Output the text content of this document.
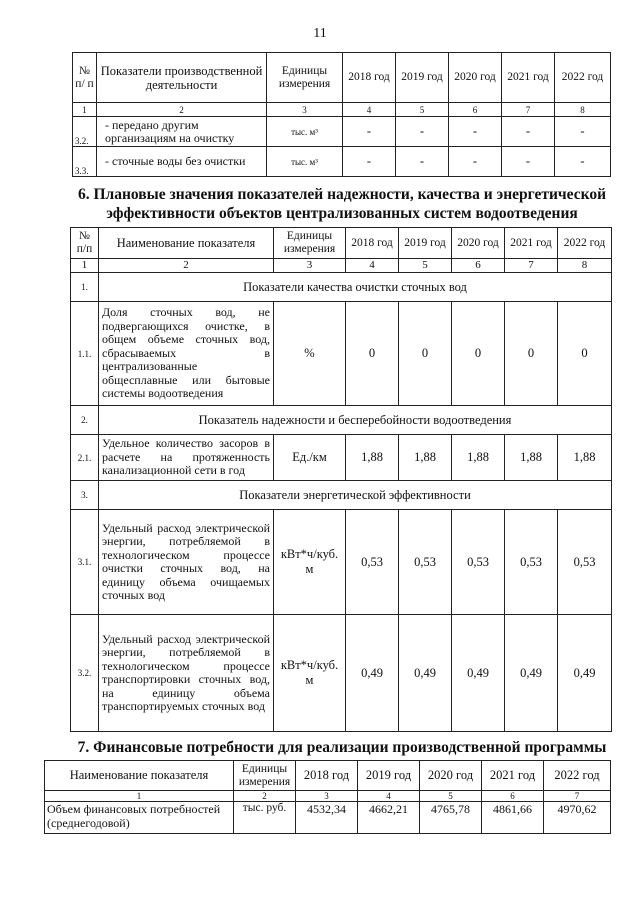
11
№ п/ п	Показатели производственной деятельности	Единицы измерения	2018 год	2019 год	2020 год	2021 год	2022 год
1	2	3	4	5	6	7	8
3.2.	- передано другим организациям на очистку	тыс. м³	-	-	-	-	-
3.3.	- сточные воды без очистки	тыс. м³	-	-	-	-	-
6. Плановые значения показателей надежности, качества и энергетической эффективности объектов централизованных систем водоотведения
№ п/п	Наименование показателя	Единицы измерения	2018 год	2019 год	2020 год	2021 год	2022 год
1	2	3	4	5	6	7	8
1.	Показатели качества очистки сточных вод						
1.1.	Доля сточных вод, не подвергающихся очистке, в общем объеме сточных вод, сбрасываемых в централизованные общесплавные или бытовые системы водоотведения	%	0	0	0	0	0
2.	Показатель надежности и бесперебойности водоотведения						
2.1.	Удельное количество засоров в расчете на протяженность канализационной сети в год	Ед./км	1,88	1,88	1,88	1,88	1,88
3.	Показатели энергетической эффективности						
3.1.	Удельный расход электрической энергии, потребляемой в технологическом процессе очистки сточных вод, на единицу объема очищаемых сточных вод	кВт*ч/куб. м	0,53	0,53	0,53	0,53	0,53
3.2.	Удельный расход электрической энергии, потребляемой в технологическом процессе транспортировки сточных вод, на единицу объема транспортируемых сточных вод	кВт*ч/куб. м	0,49	0,49	0,49	0,49	0,49
7. Финансовые потребности для реализации производственной программы
Наименование показателя	Единицы измерения	2018 год	2019 год	2020 год	2021 год	2022 год
1	2	3	4	5	6	7
Объем финансовых потребностей (среднегодовой)	тыс. руб.	4532,34	4662,21	4765,78	4861,66	4970,62
